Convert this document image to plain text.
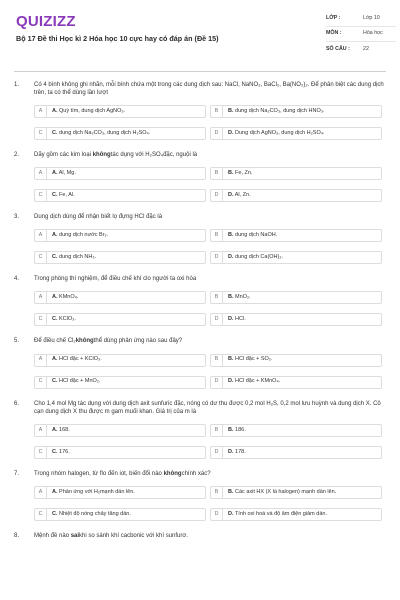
QUIZIZZ
Bộ 17 Đề thi Học kì 2 Hóa học 10 cực hay có đáp án (Đề 15)
LỚP :	Lớp 10
MÔN :	Hóa học
SỐ CÂU :	22
1.	Có 4 bình không ghi nhãn, mỗi bình chứa một trong các dung dịch sau: NaCl, NaNO₃, BaCl₂, Ba(NO₃)₂. Để phân biệt các dung dịch trên, ta có thể dùng lần lượt
A	A. Quỳ tím, dung dịch AgNO₃.	B	B. dung dịch Na₂CO₃, dung dịch HNO₃.
C	C. dung dịch Na₂CO₃, dung dịch H₂SO₄.	D	D. Dung dịch AgNO₃, dung dịch H₂SO₄.
2.	Dãy gồm các kim loại khôngtác dụng với H₂SO₄đặc, nguội là
A	A. Al, Mg.	B	B. Fe, Zn.
C	C. Fe, Al.	D	D. Al, Zn.
3.	Dung dịch dùng để nhận biết lọ đựng HCl đặc là
A	A. dung dịch nước Br₂.	B	B. dung dịch NaOH.
C	C. dung dịch NH₃.	D	D. dung dịch Ca(OH)₂.
4.	Trong phòng thí nghiệm, để điều chế khí clo người ta oxi hóa
A	A. KMnO₄.	B	B. MnO₂.
C	C. KClO₃.	D	D. HCl.
5.	Để điều chế Cl₂khôngthể dùng phản ứng nào sau đây?
A	A. HCl đặc + KClO₃.	B	B. HCl đặc + SO₂.
C	C. HCl đặc + MnO₂.	D	D. HCl đặc + KMnO₄.
6.	Cho 1,4 mol Mg tác dụng với dung dịch axit sunfuric đặc, nóng có dư thu được 0,2 mol H₂S, 0,2 mol lưu huỳnh và dung dịch X. Cô cạn dung dịch X thu được m gam muối khan. Giá trị của m là
A	A. 168.	B	B. 186.
C	C. 176.	D	D. 178.
7.	Trong nhóm halogen, từ flo đến iot, biến đổi nào khôngchính xác?
A	A. Phản ứng với H₂mạnh dần lên.	B	B. Các axit HX (X là halogen) mạnh dần lên.
C	C. Nhiệt độ nóng chảy tăng dần.	D	D. Tính oxi hoá và độ âm điện giảm dần.
8.	Mệnh đề nào saikhi so sánh khí cacbonic với khí sunfurơ.
